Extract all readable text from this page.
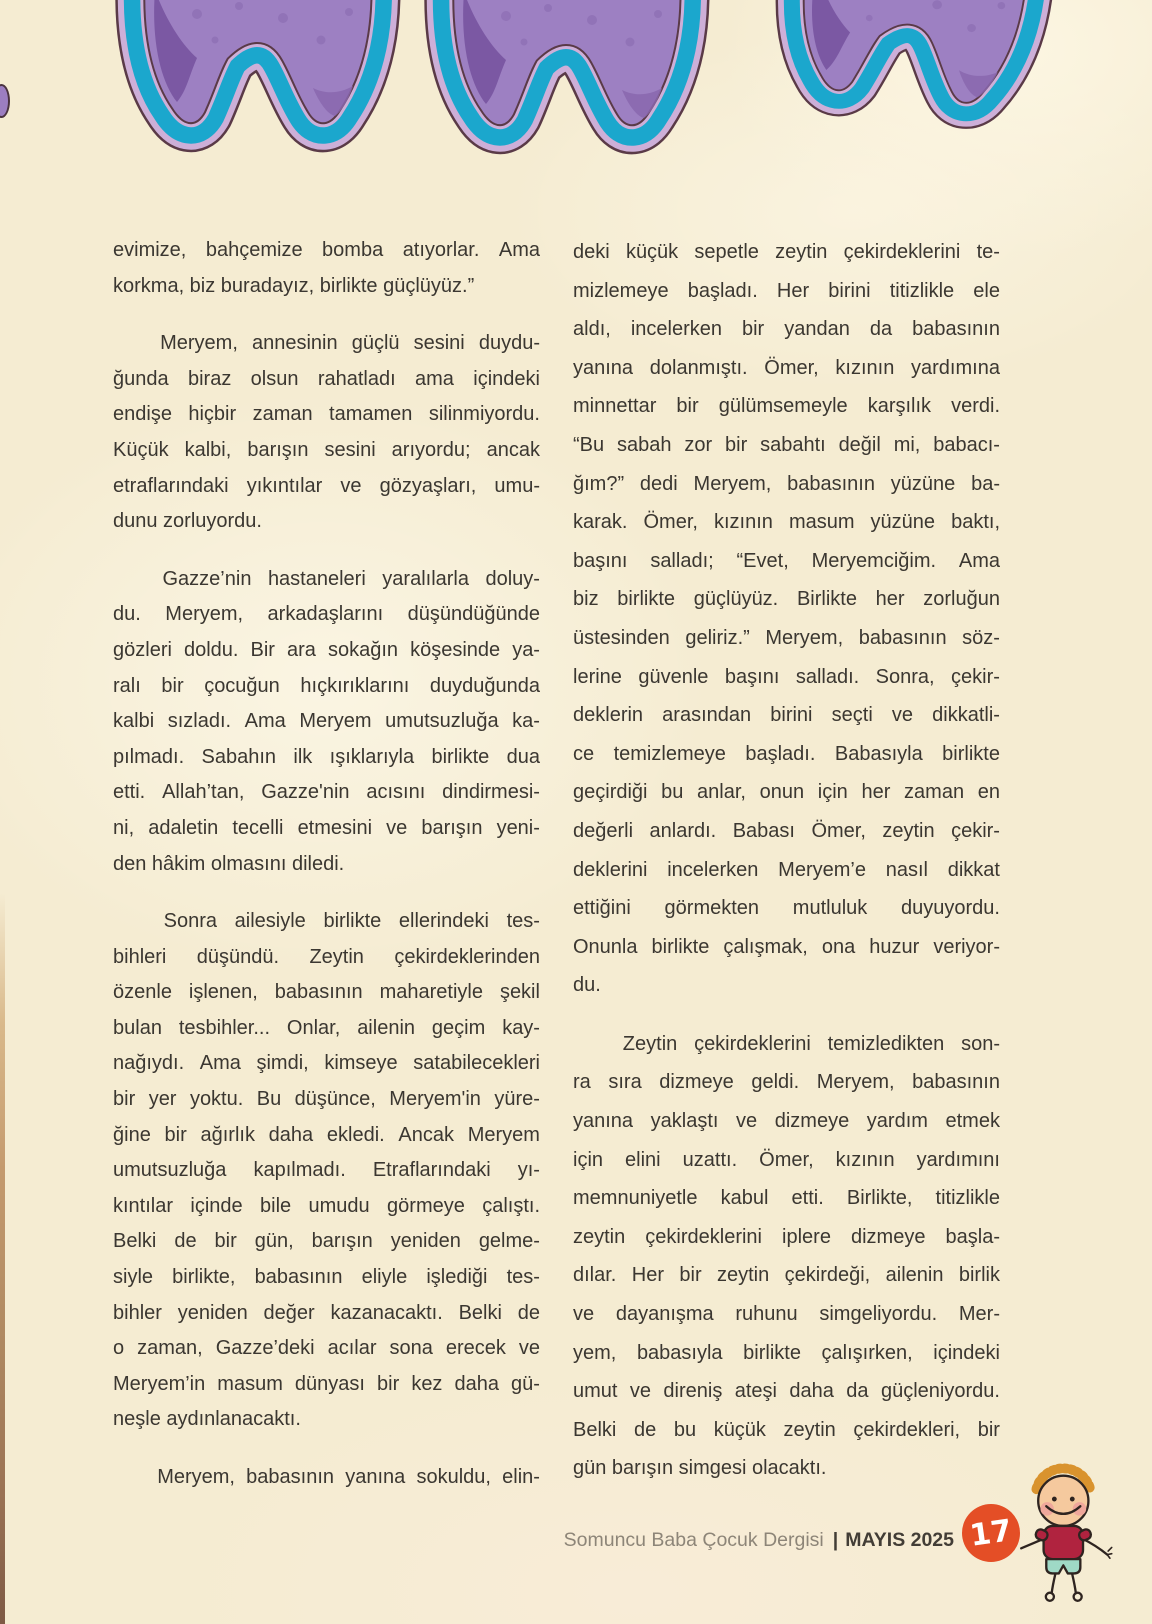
evimize, bahçemize bomba atıyorlar. Ama
korkma, biz buradayız, birlikte güçlüyüz.”
Meryem, annesinin güçlü sesini duydu-
ğunda biraz olsun rahatladı ama içindeki
endişe hiçbir zaman tamamen silinmiyordu.
Küçük kalbi, barışın sesini arıyordu; ancak
etraflarındaki yıkıntılar ve gözyaşları, umu-
dunu zorluyordu.
Gazze’nin hastaneleri yaralılarla doluy-
du. Meryem, arkadaşlarını düşündüğünde
gözleri doldu. Bir ara sokağın köşesinde ya-
ralı bir çocuğun hıçkırıklarını duyduğunda
kalbi sızladı. Ama Meryem umutsuzluğa ka-
pılmadı. Sabahın ilk ışıklarıyla birlikte dua
etti. Allah’tan, Gazze'nin acısını dindirmesi-
ni, adaletin tecelli etmesini ve barışın yeni-
den hâkim olmasını diledi.
Sonra ailesiyle birlikte ellerindeki tes-
bihleri düşündü. Zeytin çekirdeklerinden
özenle işlenen, babasının maharetiyle şekil
bulan tesbihler... Onlar, ailenin geçim kay-
nağıydı. Ama şimdi, kimseye satabilecekleri
bir yer yoktu. Bu düşünce, Meryem'in yüre-
ğine bir ağırlık daha ekledi. Ancak Meryem
umutsuzluğa kapılmadı. Etraflarındaki yı-
kıntılar içinde bile umudu görmeye çalıştı.
Belki de bir gün, barışın yeniden gelme-
siyle birlikte, babasının eliyle işlediği tes-
bihler yeniden değer kazanacaktı. Belki de
o zaman, Gazze’deki acılar sona erecek ve
Meryem’in masum dünyası bir kez daha gü-
neşle aydınlanacaktı.
Meryem, babasının yanına sokuldu, elin-
deki küçük sepetle zeytin çekirdeklerini te-
mizlemeye başladı. Her birini titizlikle ele
aldı, incelerken bir yandan da babasının
yanına dolanmıştı. Ömer, kızının yardımına
minnettar bir gülümsemeyle karşılık verdi.
“Bu sabah zor bir sabahtı değil mi, babacı-
ğım?” dedi Meryem, babasının yüzüne ba-
karak. Ömer, kızının masum yüzüne baktı,
başını salladı; “Evet, Meryemciğim. Ama
biz birlikte güçlüyüz. Birlikte her zorluğun
üstesinden geliriz.” Meryem, babasının söz-
lerine güvenle başını salladı. Sonra, çekir-
deklerin arasından birini seçti ve dikkatli-
ce temizlemeye başladı. Babasıyla birlikte
geçirdiği bu anlar, onun için her zaman en
değerli anlardı. Babası Ömer, zeytin çekir-
deklerini incelerken Meryem’e nasıl dikkat
ettiğini görmekten mutluluk duyuyordu.
Onunla birlikte çalışmak, ona huzur veriyor-
du.
Zeytin çekirdeklerini temizledikten son-
ra sıra dizmeye geldi. Meryem, babasının
yanına yaklaştı ve dizmeye yardım etmek
için elini uzattı. Ömer, kızının yardımını
memnuniyetle kabul etti. Birlikte, titizlikle
zeytin çekirdeklerini iplere dizmeye başla-
dılar. Her bir zeytin çekirdeği, ailenin birlik
ve dayanışma ruhunu simgeliyordu. Mer-
yem, babasıyla birlikte çalışırken, içindeki
umut ve direniş ateşi daha da güçleniyordu.
Belki de bu küçük zeytin çekirdekleri, bir
gün barışın simgesi olacaktı.
Somuncu Baba Çocuk Dergisi | MAYIS 2025 17
